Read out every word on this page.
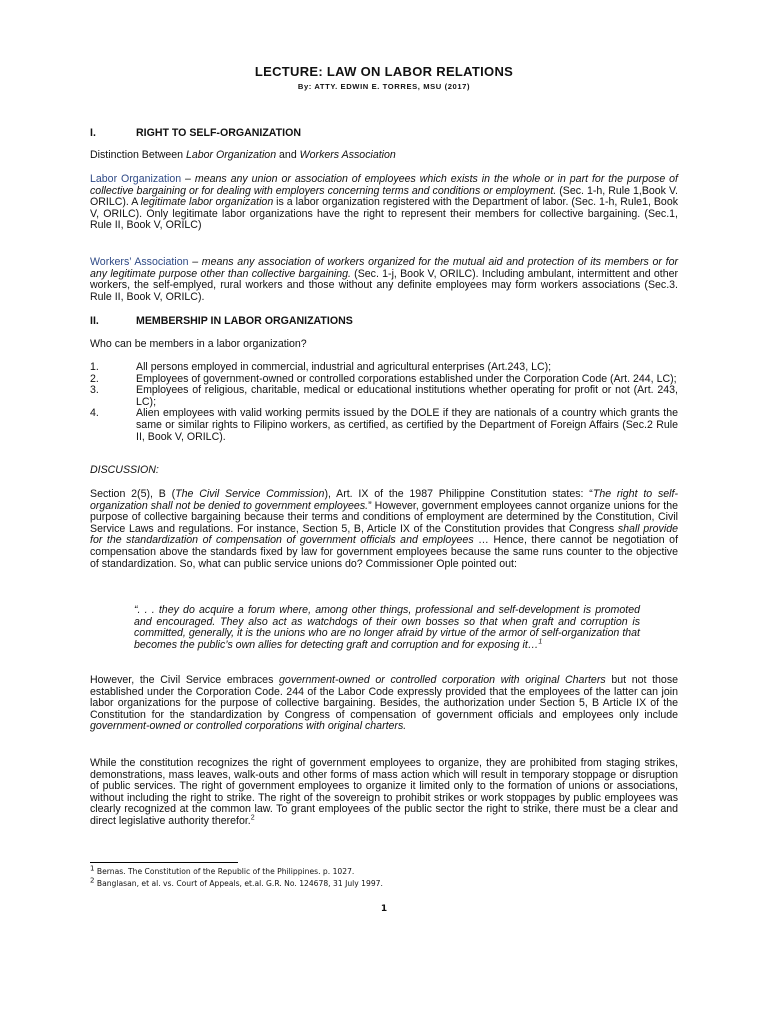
LECTURE: LAW ON LABOR RELATIONS
By: ATTY. EDWIN E. TORRES, MSU (2017)
I.	RIGHT TO SELF-ORGANIZATION
Distinction Between Labor Organization and Workers Association
Labor Organization – means any union or association of employees which exists in the whole or in part for the purpose of collective bargaining or for dealing with employers concerning terms and conditions or employment. (Sec. 1-h, Rule 1,Book V. ORILC). A legitimate labor organization is a labor organization registered with the Department of labor. (Sec. 1-h, Rule1, Book V, ORILC). Only legitimate labor organizations have the right to represent their members for collective bargaining. (Sec.1, Rule II, Book V, ORILC)
Workers’ Association – means any association of workers organized for the mutual aid and protection of its members or for any legitimate purpose other than collective bargaining. (Sec. 1-j, Book V, ORILC). Including ambulant, intermittent and other workers, the self-emplyed, rural workers and those without any definite employees may form workers associations (Sec.3. Rule II, Book V, ORILC).
II.	MEMBERSHIP IN LABOR ORGANIZATIONS
Who can be members in a labor organization?
1.	All persons employed in commercial, industrial and agricultural enterprises (Art.243, LC);
2.	Employees of government-owned or controlled corporations established under the Corporation Code (Art. 244, LC);
3.	Employees of religious, charitable, medical or educational institutions whether operating for profit or not (Art. 243, LC);
4.	Alien employees with valid working permits issued by the DOLE if they are nationals of a country which grants the same or similar rights to Filipino workers, as certified, as certified by the Department of Foreign Affairs (Sec.2 Rule II, Book V, ORILC).
DISCUSSION:
Section 2(5), B (The Civil Service Commission), Art. IX of the 1987 Philippine Constitution states: “The right to self-organization shall not be denied to government employees.” However, government employees cannot organize unions for the purpose of collective bargaining because their terms and conditions of employment are determined by the Constitution, Civil Service Laws and regulations. For instance, Section 5, B, Article IX of the Constitution provides that Congress shall provide for the standardization of compensation of government officials and employees … Hence, there cannot be negotiation of compensation above the standards fixed by law for government employees because the same runs counter to the objective of standardization. So, what can public service unions do? Commissioner Ople pointed out:
“. . . they do acquire a forum where, among other things, professional and self-development is promoted and encouraged. They also act as watchdogs of their own bosses so that when graft and corruption is committed, generally, it is the unions who are no longer afraid by virtue of the armor of self-organization that becomes the public’s own allies for detecting graft and corruption and for exposing it…$^1$
However, the Civil Service embraces government-owned or controlled corporation with original Charters but not those established under the Corporation Code. 244 of the Labor Code expressly provided that the employees of the latter can join labor organizations for the purpose of collective bargaining. Besides, the authorization under Section 5, B Article IX of the Constitution for the standardization by Congress of compensation of government officials and employees only include government-owned or controlled corporations with original charters.
While the constitution recognizes the right of government employees to organize, they are prohibited from staging strikes, demonstrations, mass leaves, walk-outs and other forms of mass action which will result in temporary stoppage or disruption of public services. The right of government employees to organize it limited only to the formation of unions or associations, without including the right to strike. The right of the sovereign to prohibit strikes or work stoppages by public employees was clearly recognized at the common law. To grant employees of the public sector the right to strike, there must be a clear and direct legislative authority therefor.$^2$
$^1$ Bernas. The Constitution of the Republic of the Philippines. p. 1027.
$^2$ Banglasan, et al. vs. Court of Appeals, et.al. G.R. No. 124678, 31 July 1997.
1
